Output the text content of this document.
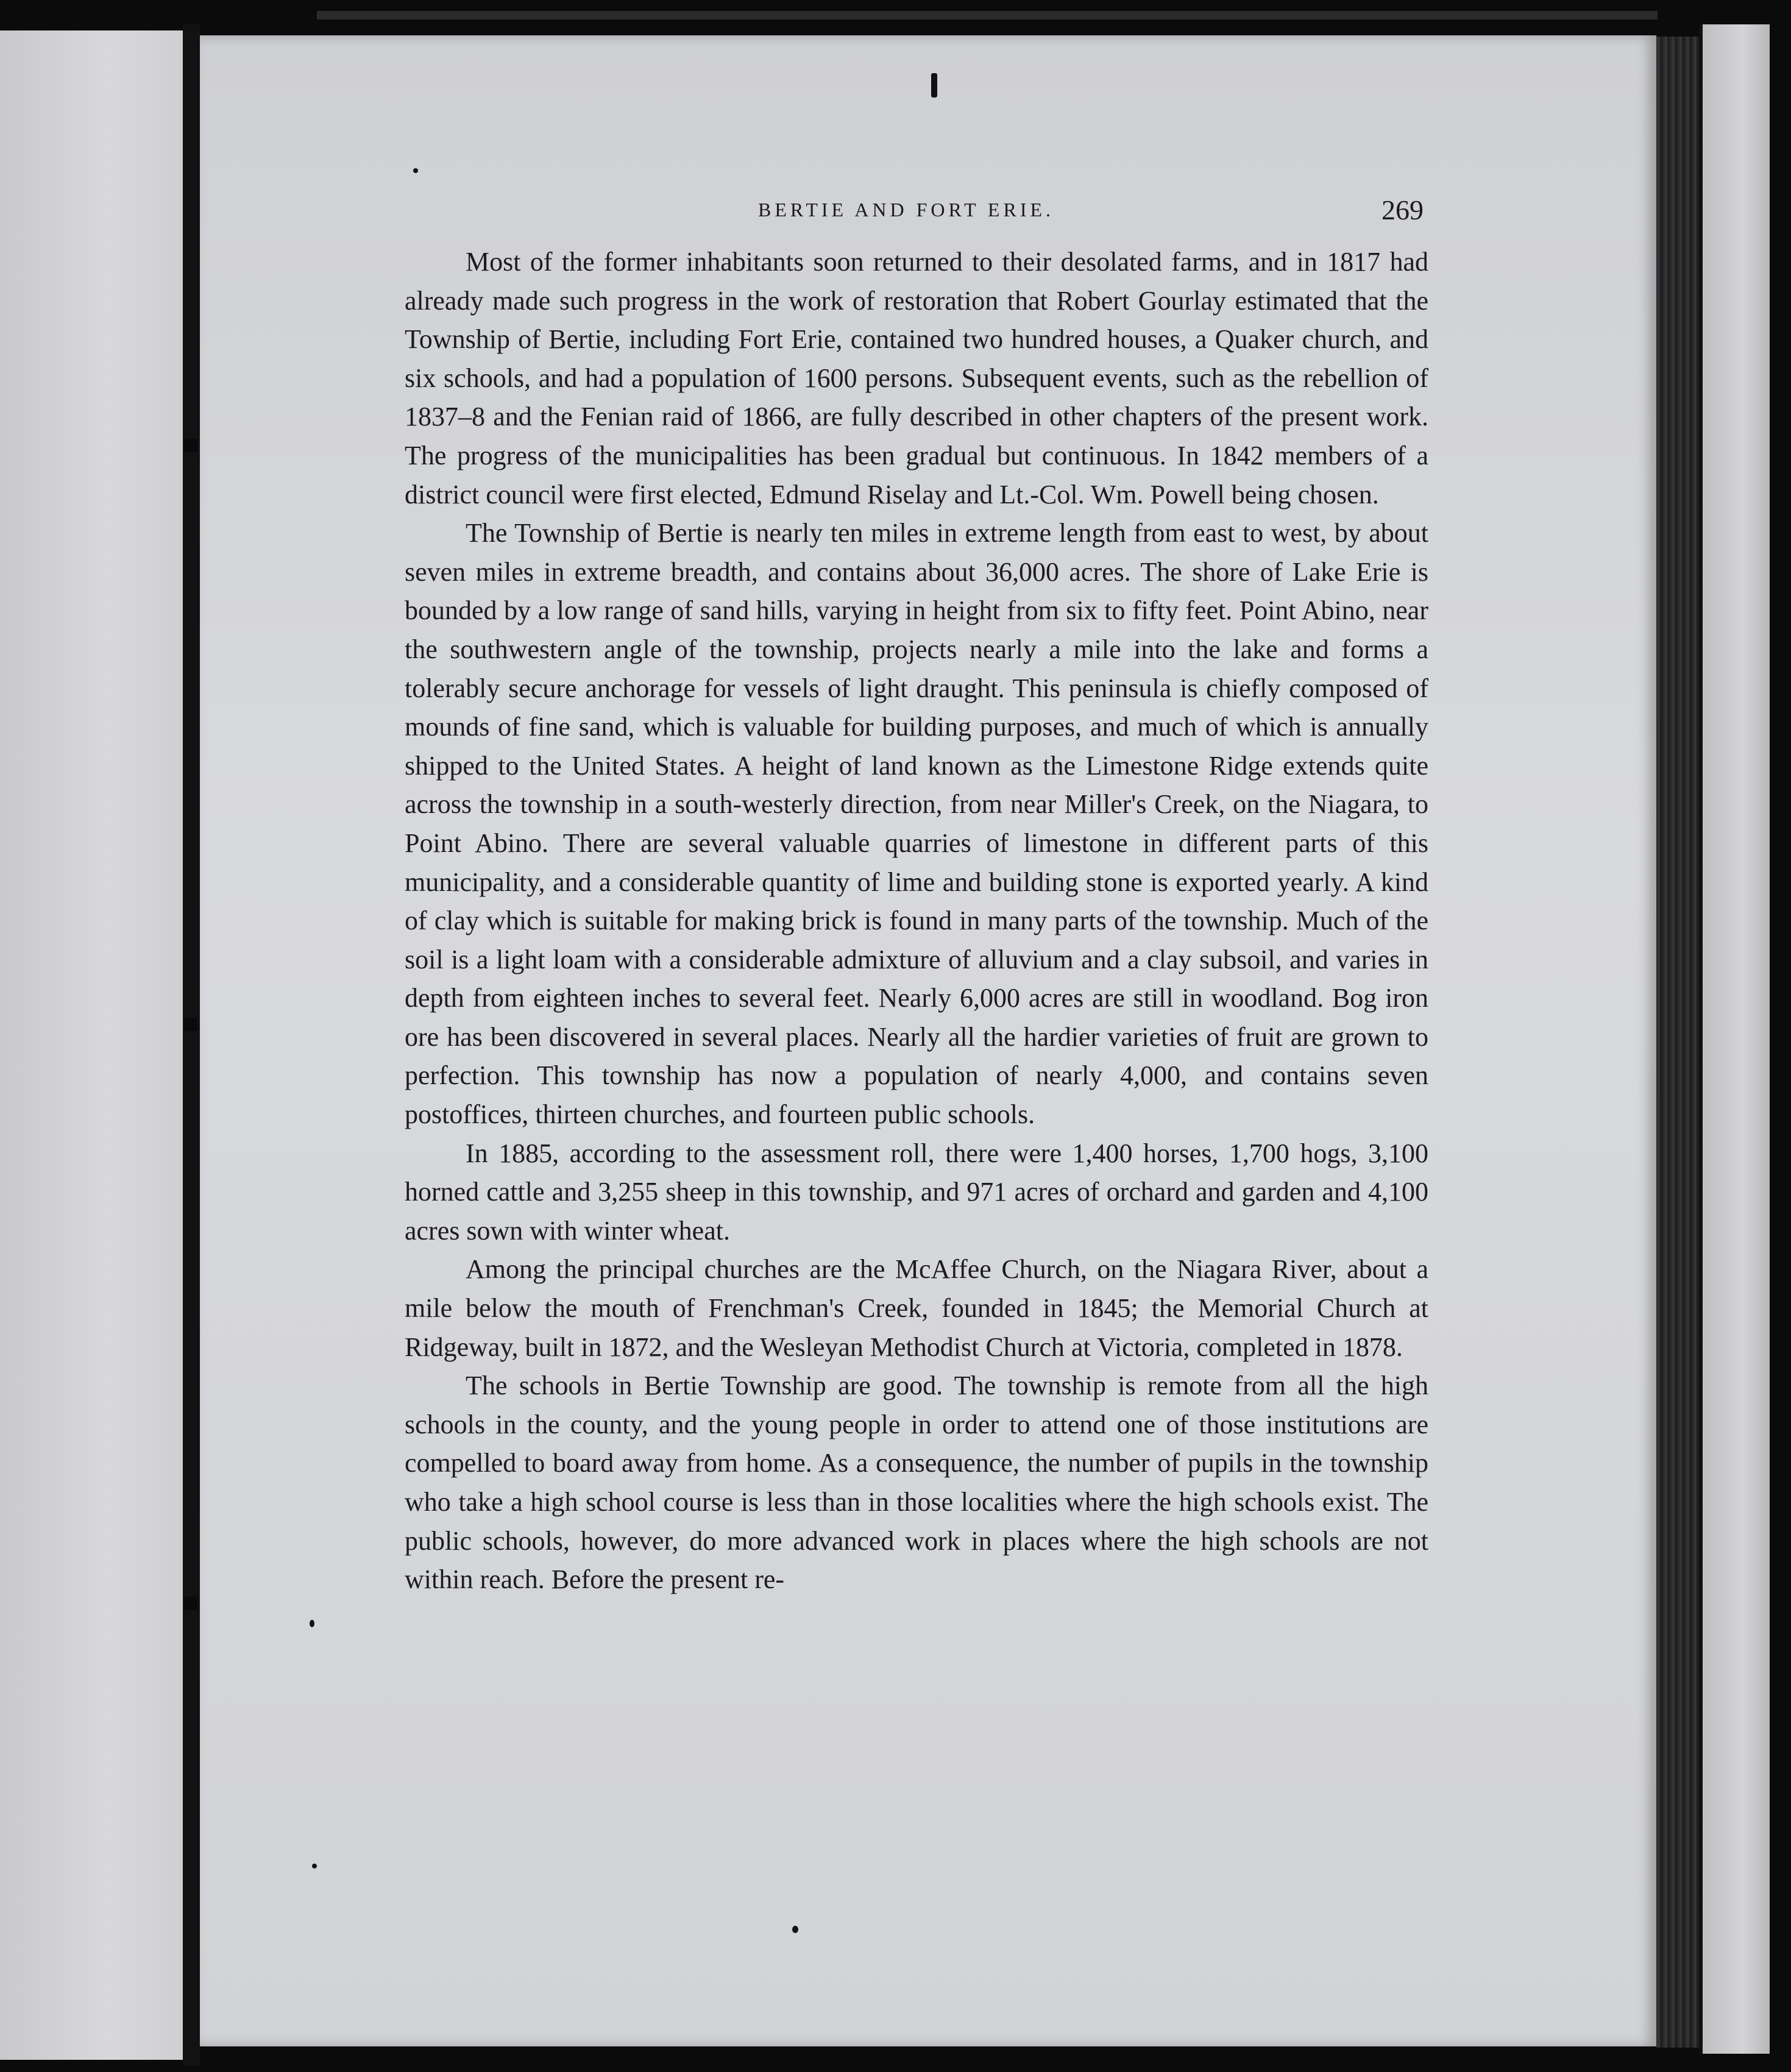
BERTIE AND FORT ERIE.	269

Most of the former inhabitants soon returned to their desolated farms, and in 1817 had already made such progress in the work of restoration that Robert Gourlay estimated that the Township of Bertie, including Fort Erie, contained two hundred houses, a Quaker church, and six schools, and had a population of 1600 persons. Subsequent events, such as the rebellion of 1837–8 and the Fenian raid of 1866, are fully described in other chapters of the present work. The progress of the municipalities has been gradual but continuous. In 1842 members of a district council were first elected, Edmund Riselay and Lt.-Col. Wm. Powell being chosen.

The Township of Bertie is nearly ten miles in extreme length from east to west, by about seven miles in extreme breadth, and contains about 36,000 acres. The shore of Lake Erie is bounded by a low range of sand hills, varying in height from six to fifty feet. Point Abino, near the southwestern angle of the township, projects nearly a mile into the lake and forms a tolerably secure anchorage for vessels of light draught. This peninsula is chiefly composed of mounds of fine sand, which is valuable for building purposes, and much of which is annually shipped to the United States. A height of land known as the Limestone Ridge extends quite across the township in a south-westerly direction, from near Miller's Creek, on the Niagara, to Point Abino. There are several valuable quarries of limestone in different parts of this municipality, and a considerable quantity of lime and building stone is exported yearly. A kind of clay which is suitable for making brick is found in many parts of the township. Much of the soil is a light loam with a considerable admixture of alluvium and a clay subsoil, and varies in depth from eighteen inches to several feet. Nearly 6,000 acres are still in woodland. Bog iron ore has been discovered in several places. Nearly all the hardier varieties of fruit are grown to perfection. This township has now a population of nearly 4,000, and contains seven postoffices, thirteen churches, and fourteen public schools.

In 1885, according to the assessment roll, there were 1,400 horses, 1,700 hogs, 3,100 horned cattle and 3,255 sheep in this township, and 971 acres of orchard and garden and 4,100 acres sown with winter wheat.

Among the principal churches are the McAffee Church, on the Niagara River, about a mile below the mouth of Frenchman's Creek, founded in 1845; the Memorial Church at Ridgeway, built in 1872, and the Wesleyan Methodist Church at Victoria, completed in 1878.

The schools in Bertie Township are good. The township is remote from all the high schools in the county, and the young people in order to attend one of those institutions are compelled to board away from home. As a consequence, the number of pupils in the township who take a high school course is less than in those localities where the high schools exist. The public schools, however, do more advanced work in places where the high schools are not within reach. Before the present re-
